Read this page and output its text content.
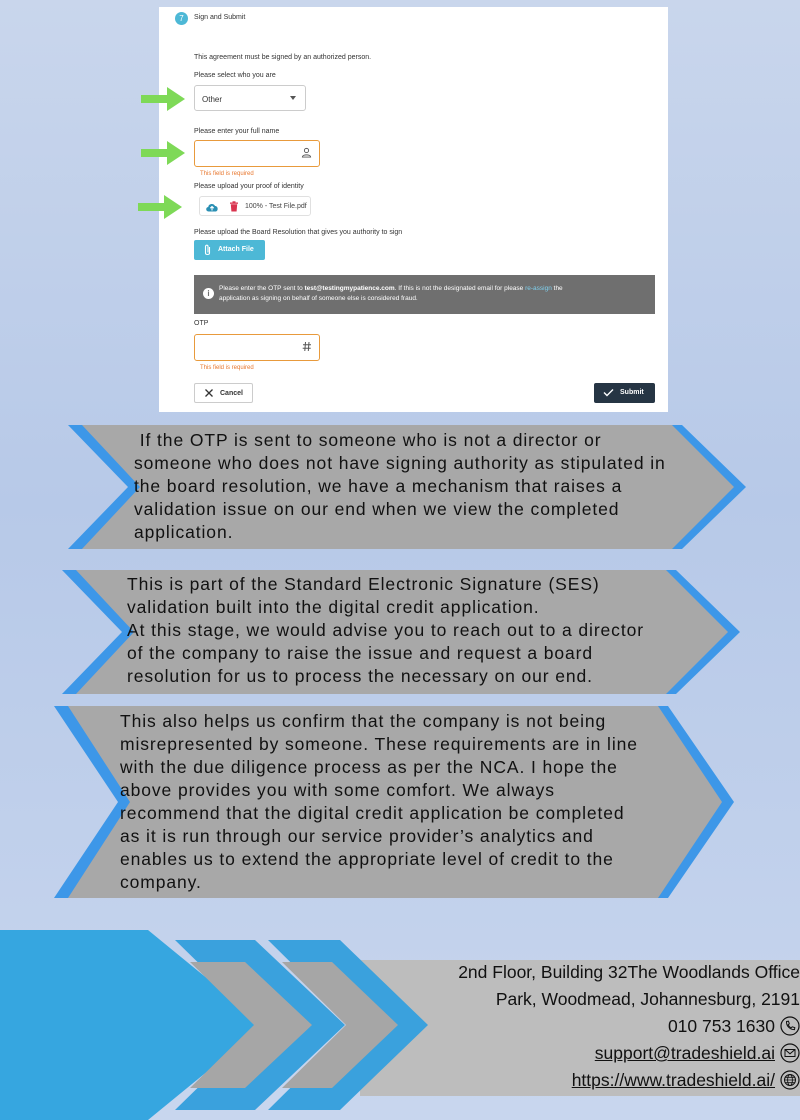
7	Sign and Submit
This agreement must be signed by an authorized person.
Please select who you are
Other
Please enter your full name
This field is required
Please upload your proof of identity
100% - Test File.pdf
Please upload the Board Resolution that gives you authority to sign
Attach File
i
Please enter the OTP sent to test@testingmypatience.com. If this is not the designated email for please re-assign the
application as signing on behalf of someone else is considered fraud.
OTP
This field is required
Cancel	Submit
If the OTP is sent to someone who is not a director or
someone who does not have signing authority as stipulated in
the board resolution, we have a mechanism that raises a
validation issue on our end when we view the completed
application.
This is part of the Standard Electronic Signature (SES)
validation built into the digital credit application.
At this stage, we would advise you to reach out to a director
of the company to raise the issue and request a board
resolution for us to process the necessary on our end.
This also helps us confirm that the company is not being
misrepresented by someone. These requirements are in line
with the due diligence process as per the NCA. I hope the
above provides you with some comfort. We always
recommend that the digital credit application be completed
as it is run through our service provider’s analytics and
enables us to extend the appropriate level of credit to the
company.
2nd Floor, Building 32The Woodlands Office
Park, Woodmead, Johannesburg, 2191
010 753 1630
support@tradeshield.ai
https://www.tradeshield.ai/
